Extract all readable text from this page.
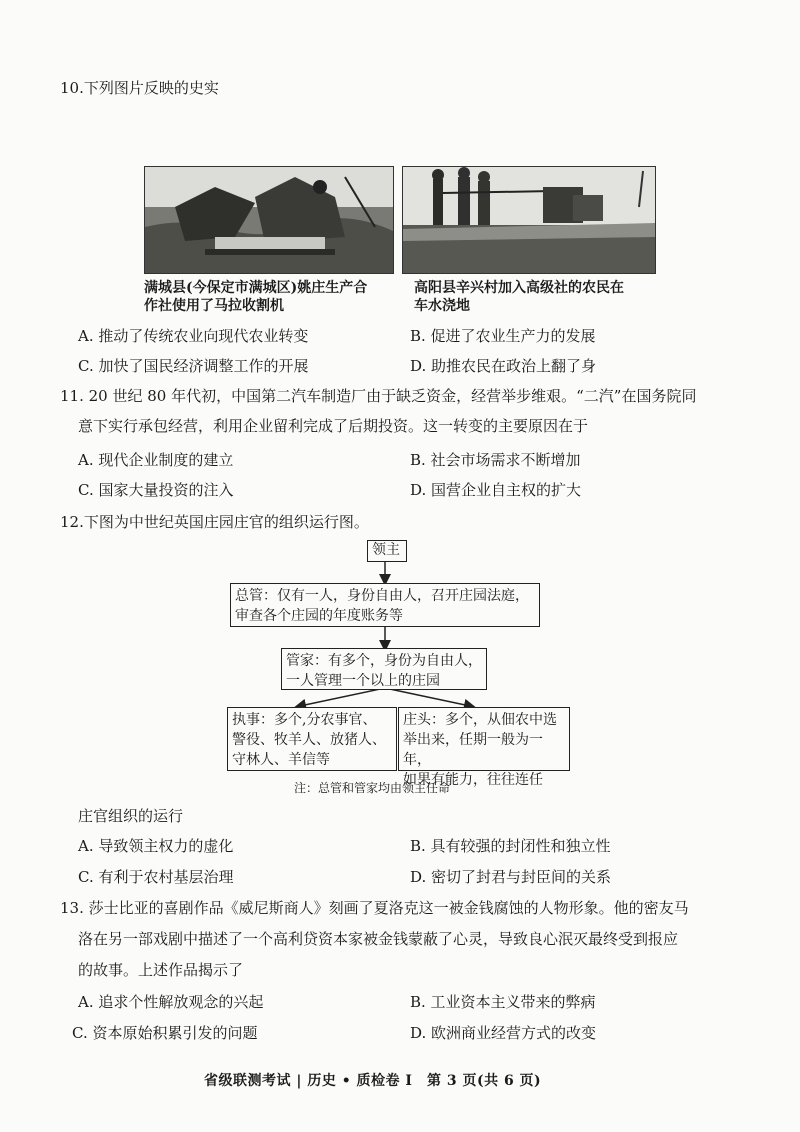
10.下列图片反映的史实
满城县(今保定市满城区)姚庄生产合
作社使用了马拉收割机
高阳县辛兴村加入高级社的农民在
车水浇地
A. 推动了传统农业向现代农业转变	B. 促进了农业生产力的发展
C. 加快了国民经济调整工作的开展	D. 助推农民在政治上翻了身
11. 20 世纪 80 年代初，中国第二汽车制造厂由于缺乏资金，经营举步维艰。“二汽”在国务院同
意下实行承包经营，利用企业留利完成了后期投资。这一转变的主要原因在于
A. 现代企业制度的建立	B. 社会市场需求不断增加
C. 国家大量投资的注入	D. 国营企业自主权的扩大
12.下图为中世纪英国庄园庄官的组织运行图。
领主
总管：仅有一人，身份自由人，召开庄园法庭，
审查各个庄园的年度账务等
管家：有多个，身份为自由人，
一人管理一个以上的庄园
执事：多个,分农事官、
警役、牧羊人、放猪人、
守林人、羊信等
庄头：多个，从佃农中选
举出来，任期一般为一年，
如果有能力，往往连任
注：总管和管家均由领主任命
庄官组织的运行
A. 导致领主权力的虚化	B. 具有较强的封闭性和独立性
C. 有利于农村基层治理	D. 密切了封君与封臣间的关系
13. 莎士比亚的喜剧作品《威尼斯商人》刻画了夏洛克这一被金钱腐蚀的人物形象。他的密友马
洛在另一部戏剧中描述了一个高利贷资本家被金钱蒙蔽了心灵，导致良心泯灭最终受到报应
的故事。上述作品揭示了
A. 追求个性解放观念的兴起	B. 工业资本主义带来的弊病
C. 资本原始积累引发的问题	D. 欧洲商业经营方式的改变
省级联测考试 | 历史 • 质检卷 Ⅰ　第 3 页(共 6 页)
